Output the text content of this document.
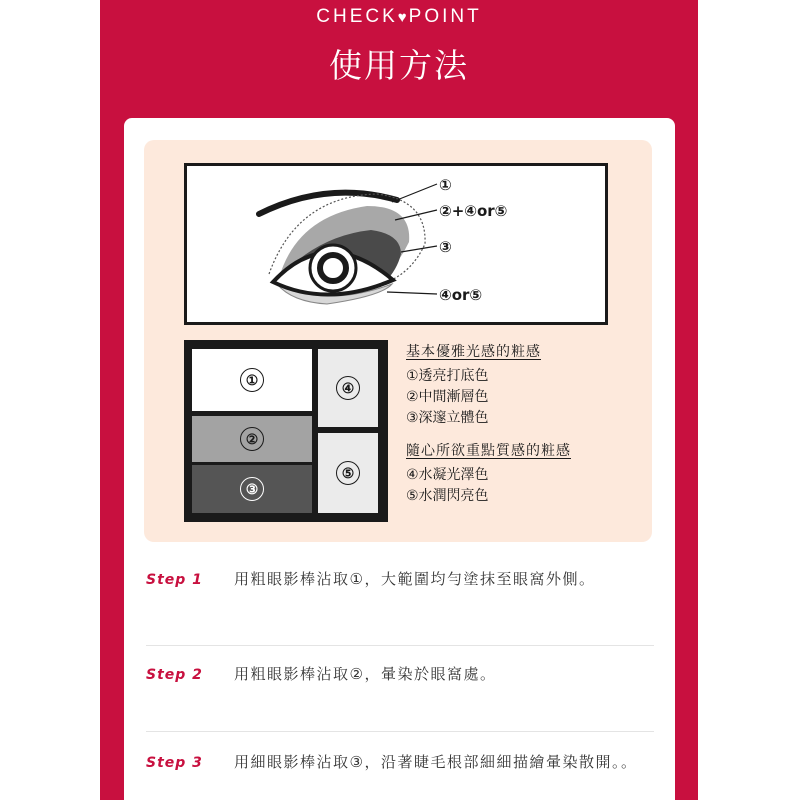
CHECK♥POINT
使用方法
①
②+④or⑤
③
④or⑤
①
②
③
④
⑤
基本優雅光感的粧感
①透亮打底色
②中間漸層色
③深邃立體色
隨心所欲重點質感的粧感
④水凝光澤色
⑤水潤閃亮色
Step 1 用粗眼影棒沾取①，大範圍均勻塗抹至眼窩外側。
Step 2 用粗眼影棒沾取②，暈染於眼窩處。
Step 3 用細眼影棒沾取③，沿著睫毛根部細細描繪暈染散開。。
